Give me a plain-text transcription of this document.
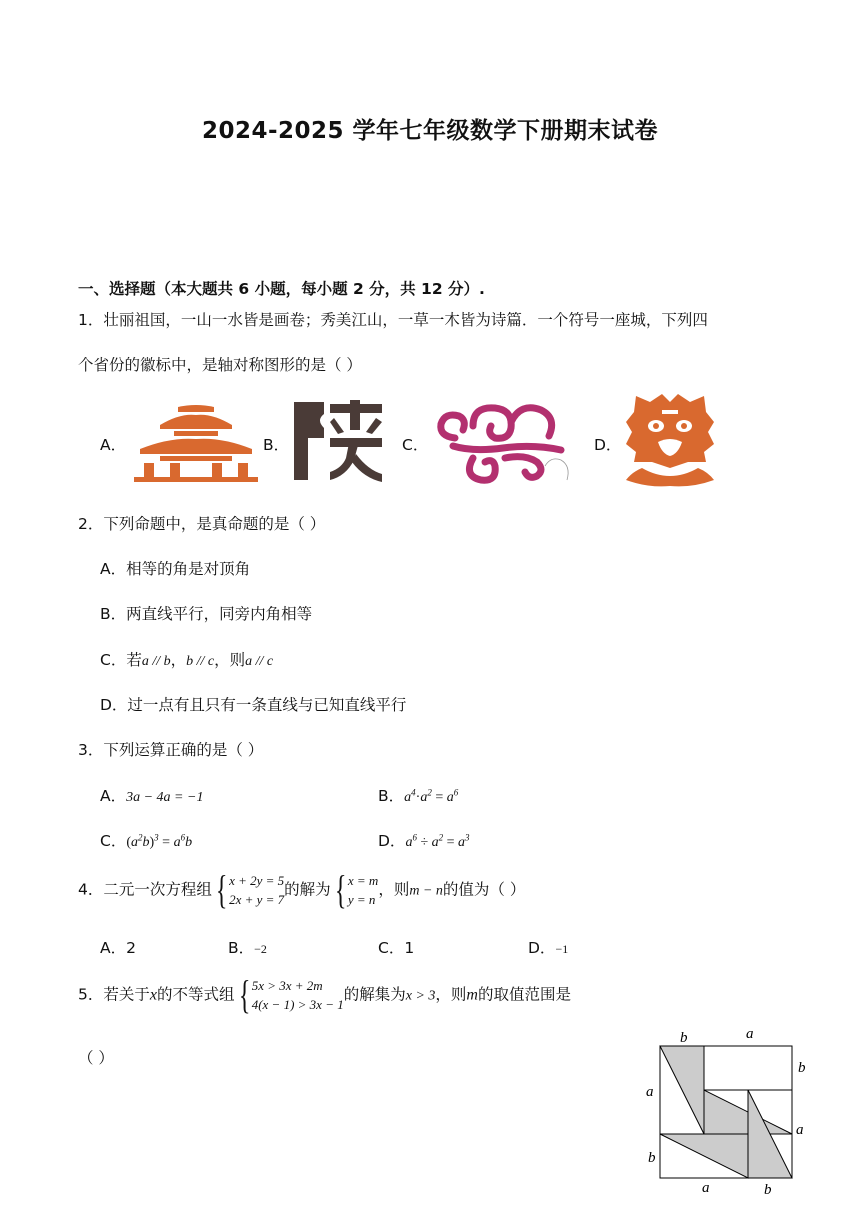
2024-2025 学年七年级数学下册期末试卷
一、选择题（本大题共 6 小题，每小题 2 分，共 12 分）.
1．壮丽祖国，一山一水皆是画卷；秀美江山，一草一木皆为诗篇．一个符号一座城，下列四
个省份的徽标中，是轴对称图形的是（ ）
A．	B．	C．	D．
2．下列命题中，是真命题的是（ ）
A．相等的角是对顶角
B．两直线平行，同旁内角相等
C．若a // b，b // c，则a // c
D．过一点有且只有一条直线与已知直线平行
3．下列运算正确的是（ ）
A．3a − 4a = −1	B．$a^4\cdot a^2 = a^6$
C．$(a^2b)^3 = a^6b$	D．$a^6 \div a^2 = a^3$
4．二元一次方程组 { x + 2y = 5
2x + y = 7
的解为 { x = m
y = n
，则m − n的值为（ ）
A．2	B．−2	C．1	D．−1
5．若关于x的不等式组 { 5x > 3x + 2m
4(x − 1) > 3x − 1
的解集为x > 3，则m的取值范围是
（ ）
b	a
b
a
a
b
a	b
